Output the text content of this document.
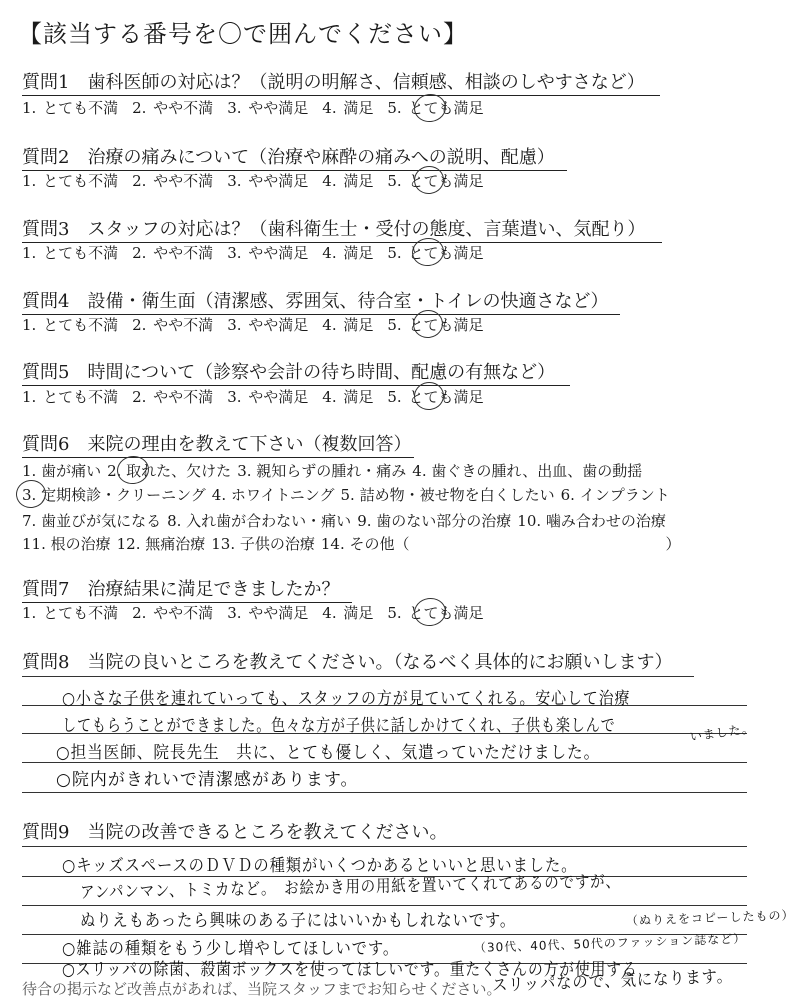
【該当する番号を〇で囲んでください】
質問1　歯科医師の対応は？（説明の明解さ、信頼感、相談のしやすさなど）
1. とても不満 2. やや不満 3. やや満足 4. 満足 5. とても満足
質問2　治療の痛みについて（治療や麻酔の痛みへの説明、配慮）
1. とても不満 2. やや不満 3. やや満足 4. 満足 5. とても満足
質問3　スタッフの対応は？（歯科衛生士・受付の態度、言葉遣い、気配り）
1. とても不満 2. やや不満 3. やや満足 4. 満足 5. とても満足
質問4　設備・衛生面（清潔感、雰囲気、待合室・トイレの快適さなど）
1. とても不満 2. やや不満 3. やや満足 4. 満足 5. とても満足
質問5　時間について（診察や会計の待ち時間、配慮の有無など）
1. とても不満 2. やや不満 3. やや満足 4. 満足 5. とても満足
質問6　来院の理由を教えて下さい（複数回答）
1. 歯が痛い 2. 取れた、欠けた 3. 親知らずの腫れ・痛み 4. 歯ぐきの腫れ、出血、歯の動揺
3. 定期検診・クリーニング 4. ホワイトニング 5. 詰め物・被せ物を白くしたい 6. インプラント
7. 歯並びが気になる 8. 入れ歯が合わない・痛い 9. 歯のない部分の治療 10. 噛み合わせの治療
11. 根の治療 12. 無痛治療 13. 子供の治療 14. その他（	）
質問7　治療結果に満足できましたか？
1. とても不満 2. やや不満 3. やや満足 4. 満足 5. とても満足
質問8　当院の良いところを教えてください。（なるべく具体的にお願いします）
○小さな子供を連れていっても、スタッフの方が見ていてくれる。安心して治療
してもらうことができました。色々な方が子供に話しかけてくれ、子供も楽しんで	いました。
○担当医師、院長先生　共に、とても優しく、気遣っていただけました。
○院内がきれいで清潔感があります。
質問9　当院の改善できるところを教えてください。
○キッズスペースのＤＶＤの種類がいくつかあるといいと思いました。
アンパンマン、トミカなど。　お絵かき用の用紙を置いてくれてあるのですが、
ぬりえもあったら興味のある子にはいいかもしれないです。	（ぬりえをコピーしたもの）
○雑誌の種類をもう少し増やしてほしいです。	（30代、40代、50代のファッション誌など）
○スリッパの除菌、殺菌ボックスを使ってほしいです。重たくさんの方が使用する
スリッパなので、気になります。
待合の掲示など改善点があれば、当院スタッフまでお知らせください。
